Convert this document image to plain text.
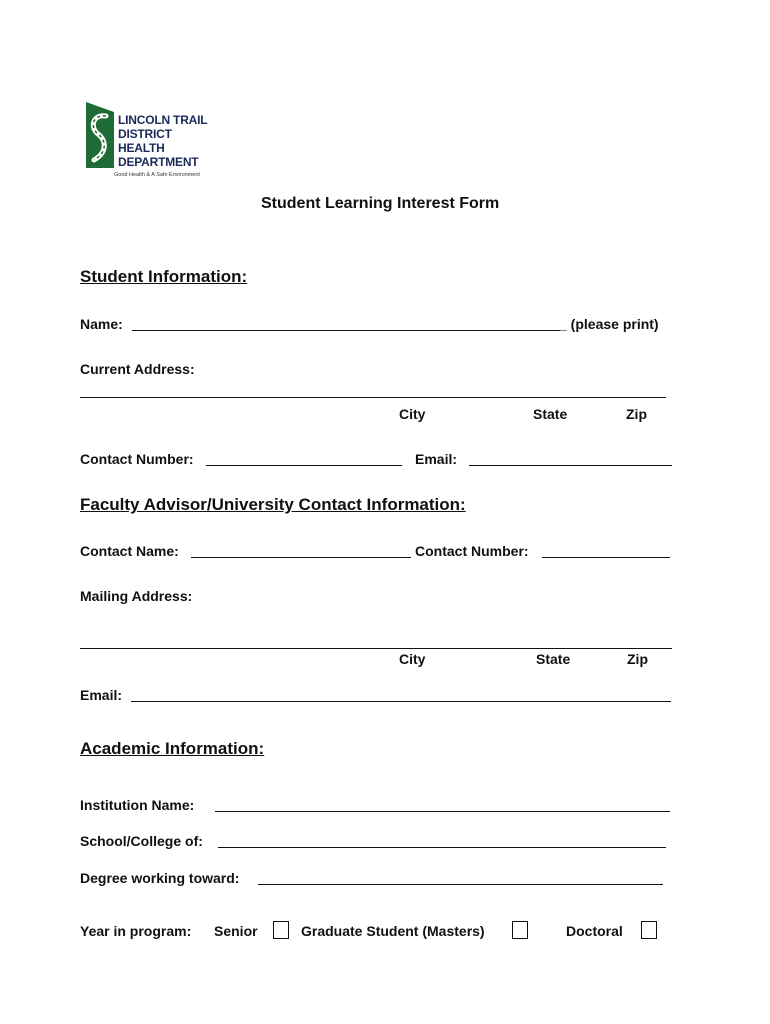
LINCOLN TRAIL
DISTRICT
HEALTH
DEPARTMENT
Good Health & A Safe Environment
Student Learning Interest Form
Student Information:
Name:	_ (please print)
Current Address:
City	State	Zip
Contact Number:	Email:
Faculty Advisor/University Contact Information:
Contact Name:	Contact Number:
Mailing Address:
City	State	Zip
Email:
Academic Information:
Institution Name:
School/College of:
Degree working toward:
Year in program: Senior	Graduate Student (Masters)	Doctoral
